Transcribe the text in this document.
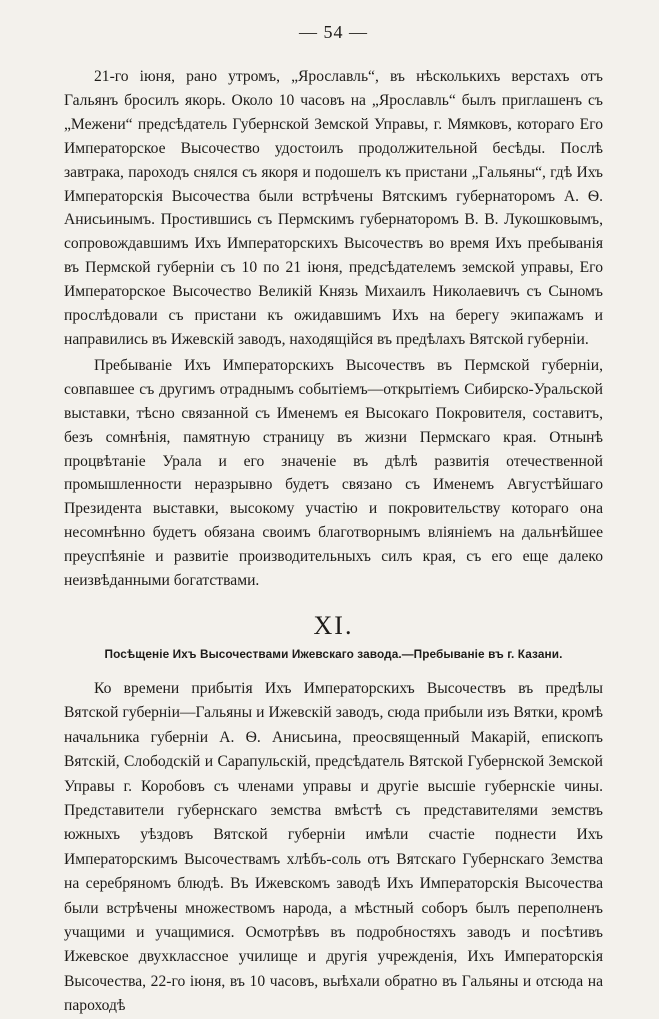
— 54 —

21-го іюня, рано утромъ, „Ярославль“, въ нѣсколькихъ верстахъ отъ Гальянъ бросилъ якорь. Около 10 часовъ на „Ярославль“ былъ приглашенъ съ „Межени“ предсѣдатель Губернской Земской Управы, г. Мямковъ, котораго Его Императорское Высочество удостоилъ продолжительной бесѣды. Послѣ завтрака, пароходъ снялся съ якоря и подошелъ къ пристани „Гальяны“, гдѣ Ихъ Императорскія Высочества были встрѣчены Вятскимъ губернаторомъ А. Ѳ. Анисьинымъ. Простившись съ Пермскимъ губернаторомъ В. В. Лукошковымъ, сопровождавшимъ Ихъ Императорскихъ Высочествъ во время Ихъ пребыванія въ Пермской губерніи съ 10 по 21 іюня, предсѣдателемъ земской управы, Его Императорское Высочество Великій Князь Михаилъ Николаевичъ съ Сыномъ прослѣдовали съ пристани къ ожидавшимъ Ихъ на берегу экипажамъ и направились въ Ижевскій заводъ, находящійся въ предѣлахъ Вятской губерніи.

Пребываніе Ихъ Императорскихъ Высочествъ въ Пермской губерніи, совпавшее съ другимъ отраднымъ событіемъ—открытіемъ Сибирско-Уральской выставки, тѣсно связанной съ Именемъ ея Высокаго Покровителя, составитъ, безъ сомнѣнія, памятную страницу въ жизни Пермскаго края. Отнынѣ процвѣтаніе Урала и его значеніе въ дѣлѣ развитія отечественной промышленности неразрывно будетъ связано съ Именемъ Августѣйшаго Президента выставки, высокому участію и покровительству котораго она несомнѣнно будетъ обязана своимъ благотворнымъ вліяніемъ на дальнѣйшее преуспѣяніе и развитіе производительныхъ силъ края, съ его еще далеко неизвѣданными богатствами.

XI.
Посѣщеніе Ихъ Высочествами Ижевскаго завода.—Пребываніе въ г. Казани.

Ко времени прибытія Ихъ Императорскихъ Высочествъ въ предѣлы Вятской губерніи—Гальяны и Ижевскій заводъ, сюда прибыли изъ Вятки, кромѣ начальника губерніи А. Ѳ. Анисьина, преосвященный Макарій, епископъ Вятскій, Слободскій и Сарапульскій, предсѣдатель Вятской Губернской Земской Управы г. Коробовъ съ членами управы и другіе высшіе губернскіе чины. Представители губернскаго земства вмѣстѣ съ представителями земствъ южныхъ уѣздовъ Вятской губерніи имѣли счастіе поднести Ихъ Императорскимъ Высочествамъ хлѣбъ-соль отъ Вятскаго Губернскаго Земства на серебряномъ блюдѣ. Въ Ижевскомъ заводѣ Ихъ Императорскія Высочества были встрѣчены множествомъ народа, а мѣстный соборъ былъ переполненъ учащими и учащимися. Осмотрѣвъ въ подробностяхъ заводъ и посѣтивъ Ижевское двухклассное училище и другія учрежденія, Ихъ Императорскія Высочества, 22-го іюня, въ 10 часовъ, выѣхали обратно въ Гальяны и отсюда на пароходѣ
